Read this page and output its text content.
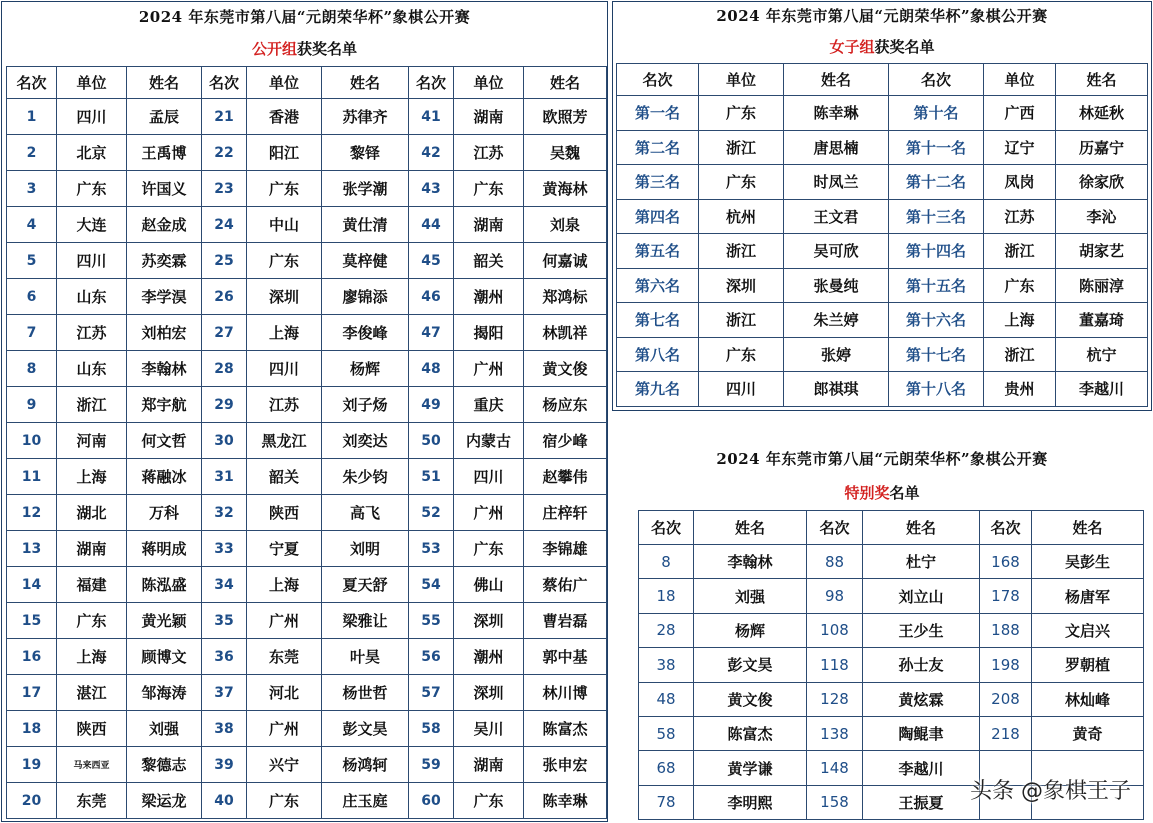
2024 年东莞市第八届“元朗荣华杯”象棋公开赛
公开组获奖名单
名次	单位	姓名	名次	单位	姓名	名次	单位	姓名
1	四川	孟辰	21	香港	苏律齐	41	湖南	欧照芳
2	北京	王禹博	22	阳江	黎铎	42	江苏	吴魏
3	广东	许国义	23	广东	张学潮	43	广东	黄海林
4	大连	赵金成	24	中山	黄仕清	44	湖南	刘泉
5	四川	苏奕霖	25	广东	莫梓健	45	韶关	何嘉诚
6	山东	李学淏	26	深圳	廖锦添	46	潮州	郑鸿标
7	江苏	刘柏宏	27	上海	李俊峰	47	揭阳	林凯祥
8	山东	李翰林	28	四川	杨辉	48	广州	黄文俊
9	浙江	郑宇航	29	江苏	刘子炀	49	重庆	杨应东
10	河南	何文哲	30	黑龙江	刘奕达	50	内蒙古	宿少峰
11	上海	蒋融冰	31	韶关	朱少钧	51	四川	赵攀伟
12	湖北	万科	32	陕西	高飞	52	广州	庄梓轩
13	湖南	蒋明成	33	宁夏	刘明	53	广东	李锦雄
14	福建	陈泓盛	34	上海	夏天舒	54	佛山	蔡佑广
15	广东	黄光颖	35	广州	梁雅让	55	深圳	曹岩磊
16	上海	顾博文	36	东莞	叶昊	56	潮州	郭中基
17	湛江	邹海涛	37	河北	杨世哲	57	深圳	林川博
18	陕西	刘强	38	广州	彭文昊	58	吴川	陈富杰
19	马来西亚	黎德志	39	兴宁	杨鸿轲	59	湖南	张申宏
20	东莞	梁运龙	40	广东	庄玉庭	60	广东	陈幸琳
2024 年东莞市第八届“元朗荣华杯”象棋公开赛
女子组获奖名单
名次	单位	姓名	名次	单位	姓名
第一名	广东	陈幸琳	第十名	广西	林延秋
第二名	浙江	唐思楠	第十一名	辽宁	历嘉宁
第三名	广东	时凤兰	第十二名	凤岗	徐家欣
第四名	杭州	王文君	第十三名	江苏	李沁
第五名	浙江	吴可欣	第十四名	浙江	胡家艺
第六名	深圳	张曼纯	第十五名	广东	陈丽淳
第七名	浙江	朱兰婷	第十六名	上海	董嘉琦
第八名	广东	张婷	第十七名	浙江	杭宁
第九名	四川	郎祺琪	第十八名	贵州	李越川
2024 年东莞市第八届“元朗荣华杯”象棋公开赛
特别奖名单
名次	姓名	名次	姓名	名次	姓名
8	李翰林	88	杜宁	168	吴彭生
18	刘强	98	刘立山	178	杨唐军
28	杨辉	108	王少生	188	文启兴
38	彭文昊	118	孙士友	198	罗朝植
48	黄文俊	128	黄炫霖	208	林灿峰
58	陈富杰	138	陶鲲聿	218	黄奇
68	黄学谦	148	李越川		
78	李明熙	158	王振夏		头条 @象棋王子
